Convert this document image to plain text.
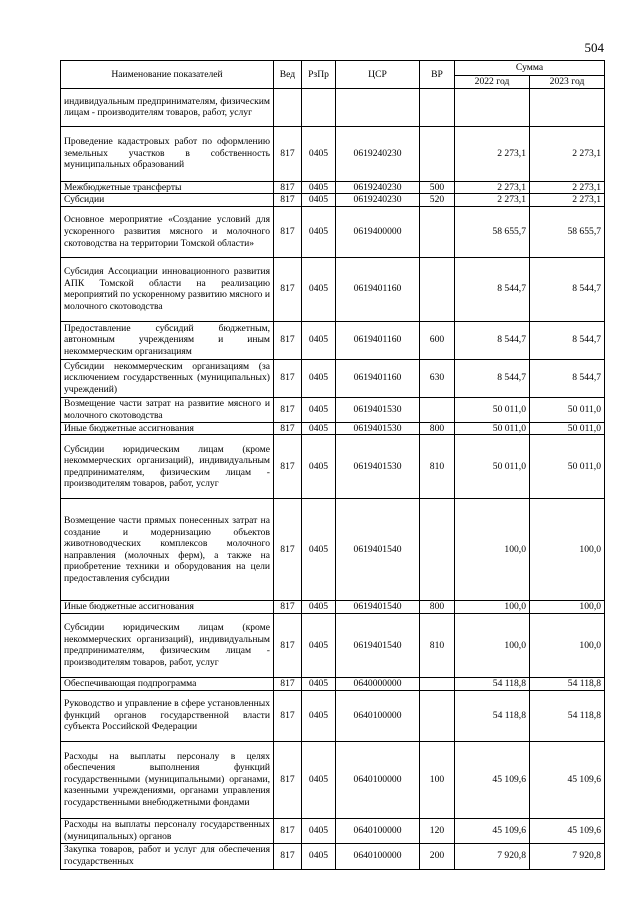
504
Наименование показателей	Вед	РзПр	ЦСР	ВР	Сумма	
					2022 год	2023 год
индивидуальным предпринимателям, физическим лицам - производителям товаров, работ, услуг						
Проведение кадастровых работ по оформлению земельных участков в собственность муниципальных образований	817	0405	0619240230		2 273,1	2 273,1
Межбюджетные трансферты	817	0405	0619240230	500	2 273,1	2 273,1
Субсидии	817	0405	0619240230	520	2 273,1	2 273,1
Основное мероприятие «Создание условий для ускоренного развития мясного и молочного скотоводства на территории Томской области»	817	0405	0619400000		58 655,7	58 655,7
Субсидия Ассоциации инновационного развития АПК Томской области на реализацию мероприятий по ускоренному развитию мясного и молочного скотоводства	817	0405	0619401160		8 544,7	8 544,7
Предоставление субсидий бюджетным, автономным учреждениям и иным некоммерческим организациям	817	0405	0619401160	600	8 544,7	8 544,7
Субсидии некоммерческим организациям (за исключением государственных (муниципальных) учреждений)	817	0405	0619401160	630	8 544,7	8 544,7
Возмещение части затрат на развитие мясного и молочного скотоводства	817	0405	0619401530		50 011,0	50 011,0
Иные бюджетные ассигнования	817	0405	0619401530	800	50 011,0	50 011,0
Субсидии юридическим лицам (кроме некоммерческих организаций), индивидуальным предпринимателям, физическим лицам - производителям товаров, работ, услуг	817	0405	0619401530	810	50 011,0	50 011,0
Возмещение части прямых понесенных затрат на создание и модернизацию объектов животноводческих комплексов молочного направления (молочных ферм), а также на приобретение техники и оборудования на цели предоставления субсидии	817	0405	0619401540		100,0	100,0
Иные бюджетные ассигнования	817	0405	0619401540	800	100,0	100,0
Субсидии юридическим лицам (кроме некоммерческих организаций), индивидуальным предпринимателям, физическим лицам - производителям товаров, работ, услуг	817	0405	0619401540	810	100,0	100,0
Обеспечивающая подпрограмма	817	0405	0640000000		54 118,8	54 118,8
Руководство и управление в сфере установленных функций органов государственной власти субъекта Российской Федерации	817	0405	0640100000		54 118,8	54 118,8
Расходы на выплаты персоналу в целях обеспечения выполнения функций государственными (муниципальными) органами, казенными учреждениями, органами управления государственными внебюджетными фондами	817	0405	0640100000	100	45 109,6	45 109,6
Расходы на выплаты персоналу государственных (муниципальных) органов	817	0405	0640100000	120	45 109,6	45 109,6
Закупка товаров, работ и услуг для обеспечения государственных	817	0405	0640100000	200	7 920,8	7 920,8
